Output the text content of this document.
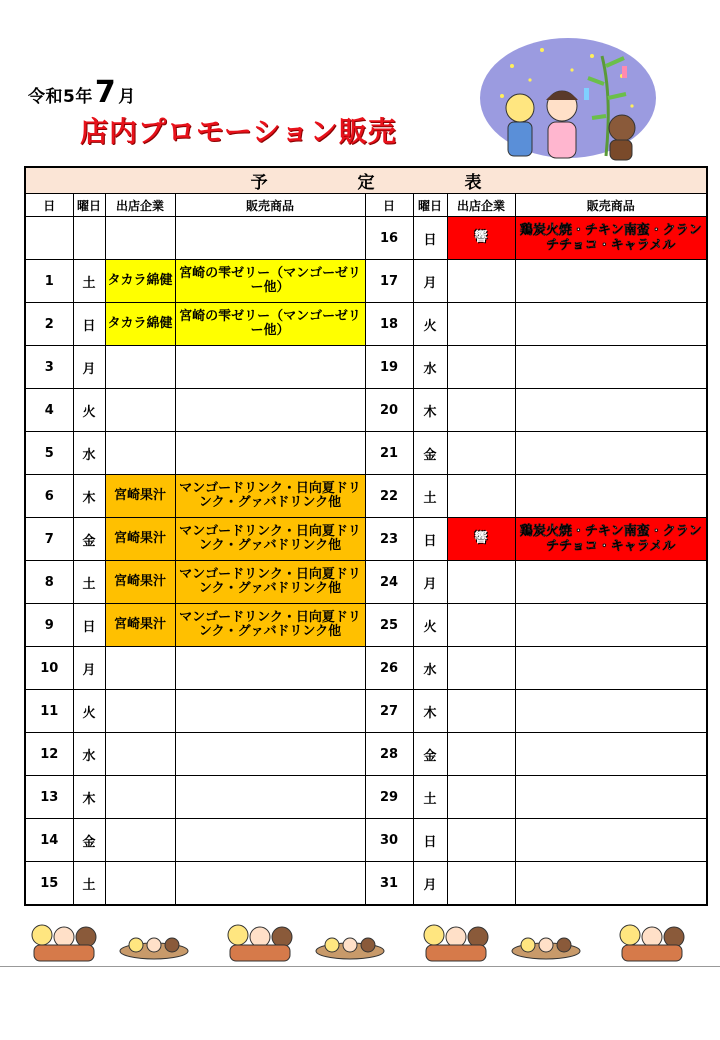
令和5年 7 月
店内プロモーション販売
予 定 表							
日	曜日	出店企業	販売商品	日	曜日	出店企業	販売商品
				16	日	響	鶏炭火焼・チキン南蛮・クランチチョコ・キャラメル
1	土	タカラ綿健	宮崎の雫ゼリー（マンゴーゼリー他）	17	月		
2	日	タカラ綿健	宮崎の雫ゼリー（マンゴーゼリー他）	18	火		
3	月			19	水		
4	火			20	木		
5	水			21	金		
6	木	宮崎果汁	マンゴードリンク・日向夏ドリンク・グァバドリンク他	22	土		
7	金	宮崎果汁	マンゴードリンク・日向夏ドリンク・グァバドリンク他	23	日	響	鶏炭火焼・チキン南蛮・クランチチョコ・キャラメル
8	土	宮崎果汁	マンゴードリンク・日向夏ドリンク・グァバドリンク他	24	月		
9	日	宮崎果汁	マンゴードリンク・日向夏ドリンク・グァバドリンク他	25	火		
10	月			26	水		
11	火			27	木		
12	水			28	金		
13	木			29	土		
14	金			30	日		
15	土			31	月		
